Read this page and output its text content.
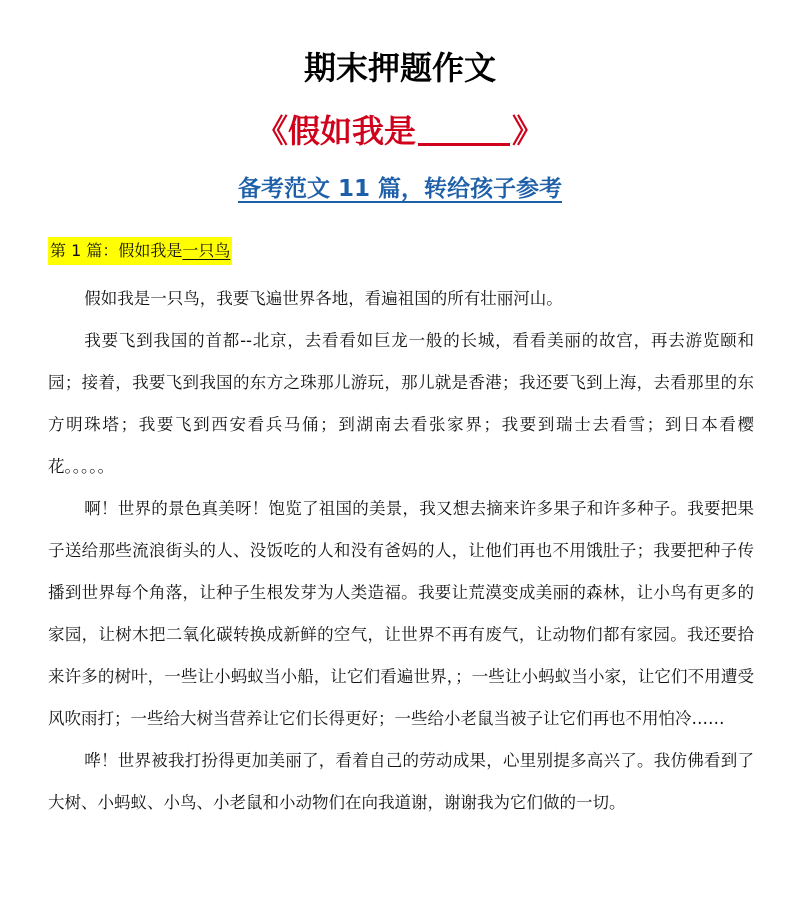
期末押题作文
《假如我是	》
备考范文 11 篇，转给孩子参考
第 1 篇：假如我是一只鸟

假如我是一只鸟，我要飞遍世界各地，看遍祖国的所有壮丽河山。

我要飞到我国的首都--北京，去看看如巨龙一般的长城，看看美丽的故宫，再去游览颐和园；接着，我要飞到我国的东方之珠那儿游玩，那儿就是香港；我还要飞到上海，去看那里的东方明珠塔；我要飞到西安看兵马俑；到湖南去看张家界；我要到瑞士去看雪；到日本看樱花。。。。。

啊！世界的景色真美呀！饱览了祖国的美景，我又想去摘来许多果子和许多种子。我要把果子送给那些流浪街头的人、没饭吃的人和没有爸妈的人，让他们再也不用饿肚子；我要把种子传播到世界每个角落，让种子生根发芽为人类造福。我要让荒漠变成美丽的森林，让小鸟有更多的家园，让树木把二氧化碳转换成新鲜的空气，让世界不再有废气，让动物们都有家园。我还要拾来许多的树叶，一些让小蚂蚁当小船，让它们看遍世界，；一些让小蚂蚁当小家，让它们不用遭受风吹雨打；一些给大树当营养让它们长得更好；一些给小老鼠当被子让它们再也不用怕冷……

哗！世界被我打扮得更加美丽了，看着自己的劳动成果，心里别提多高兴了。我仿佛看到了大树、小蚂蚁、小鸟、小老鼠和小动物们在向我道谢，谢谢我为它们做的一切。
